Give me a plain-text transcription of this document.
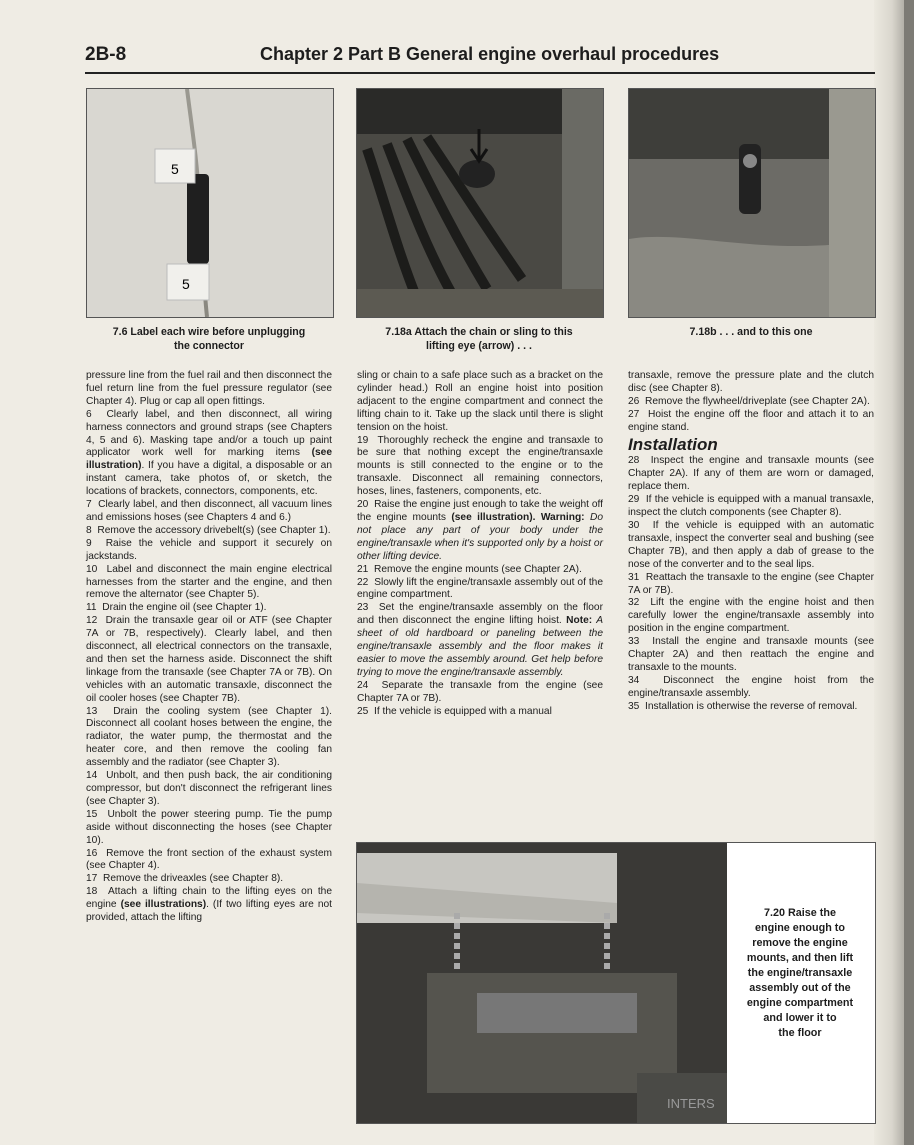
2B-8	Chapter 2 Part B General engine overhaul procedures
5
5
7.6 Label each wire before unplugging
the connector
7.18a Attach the chain or sling to this
lifting eye (arrow) . . .
7.18b . . . and to this one

pressure line from the fuel rail and then disconnect the fuel return line from the fuel pressure regulator (see Chapter 4). Plug or cap all open fittings.

6 Clearly label, and then disconnect, all wiring harness connectors and ground straps (see Chapters 4, 5 and 6). Masking tape and/or a touch up paint applicator work well for marking items (see illustration). If you have a digital, a disposable or an instant camera, take photos of, or sketch, the locations of brackets, connectors, components, etc.

7 Clearly label, and then disconnect, all vacuum lines and emissions hoses (see Chapters 4 and 6.)

8 Remove the accessory drivebelt(s) (see Chapter 1).

9 Raise the vehicle and support it securely on jackstands.

10 Label and disconnect the main engine electrical harnesses from the starter and the engine, and then remove the alternator (see Chapter 5).

11 Drain the engine oil (see Chapter 1).

12 Drain the transaxle gear oil or ATF (see Chapter 7A or 7B, respectively). Clearly label, and then disconnect, all electrical connectors on the transaxle, and then set the harness aside. Disconnect the shift linkage from the transaxle (see Chapter 7A or 7B). On vehicles with an automatic transaxle, disconnect the oil cooler hoses (see Chapter 7B).

13 Drain the cooling system (see Chapter 1). Disconnect all coolant hoses between the engine, the radiator, the water pump, the thermostat and the heater core, and then remove the cooling fan assembly and the radiator (see Chapter 3).

14 Unbolt, and then push back, the air conditioning compressor, but don't disconnect the refrigerant lines (see Chapter 3).

15 Unbolt the power steering pump. Tie the pump aside without disconnecting the hoses (see Chapter 10).

16 Remove the front section of the exhaust system (see Chapter 4).

17 Remove the driveaxles (see Chapter 8).

18 Attach a lifting chain to the lifting eyes on the engine (see illustrations). (If two lifting eyes are not provided, attach the lifting

sling or chain to a safe place such as a bracket on the cylinder head.) Roll an engine hoist into position adjacent to the engine compartment and connect the lifting chain to it. Take up the slack until there is slight tension on the hoist.

19 Thoroughly recheck the engine and transaxle to be sure that nothing except the engine/transaxle mounts is still connected to the engine or to the transaxle. Disconnect all remaining connectors, hoses, lines, fasteners, components, etc.

20 Raise the engine just enough to take the weight off the engine mounts (see illustration). Warning: Do not place any part of your body under the engine/transaxle when it's supported only by a hoist or other lifting device.

21 Remove the engine mounts (see Chapter 2A).

22 Slowly lift the engine/transaxle assembly out of the engine compartment.

23 Set the engine/transaxle assembly on the floor and then disconnect the engine lifting hoist. Note: A sheet of old hardboard or paneling between the engine/transaxle assembly and the floor makes it easier to move the assembly around. Get help before trying to move the engine/transaxle assembly.

24 Separate the transaxle from the engine (see Chapter 7A or 7B).

25 If the vehicle is equipped with a manual

transaxle, remove the pressure plate and the clutch disc (see Chapter 8).

26 Remove the flywheel/driveplate (see Chapter 2A).

27 Hoist the engine off the floor and attach it to an engine stand.

Installation

28 Inspect the engine and transaxle mounts (see Chapter 2A). If any of them are worn or damaged, replace them.

29 If the vehicle is equipped with a manual transaxle, inspect the clutch components (see Chapter 8).

30 If the vehicle is equipped with an automatic transaxle, inspect the converter seal and bushing (see Chapter 7B), and then apply a dab of grease to the nose of the converter and to the seal lips.

31 Reattach the transaxle to the engine (see Chapter 7A or 7B).

32 Lift the engine with the engine hoist and then carefully lower the engine/transaxle assembly into position in the engine compartment.

33 Install the engine and transaxle mounts (see Chapter 2A) and then reattach the engine and transaxle to the mounts.

34 Disconnect the engine hoist from the engine/transaxle assembly.

35 Installation is otherwise the reverse of removal.

INTERS
7.20 Raise the
engine enough to
remove the engine
mounts, and then lift
the engine/transaxle
assembly out of the
engine compartment
and lower it to
the floor
